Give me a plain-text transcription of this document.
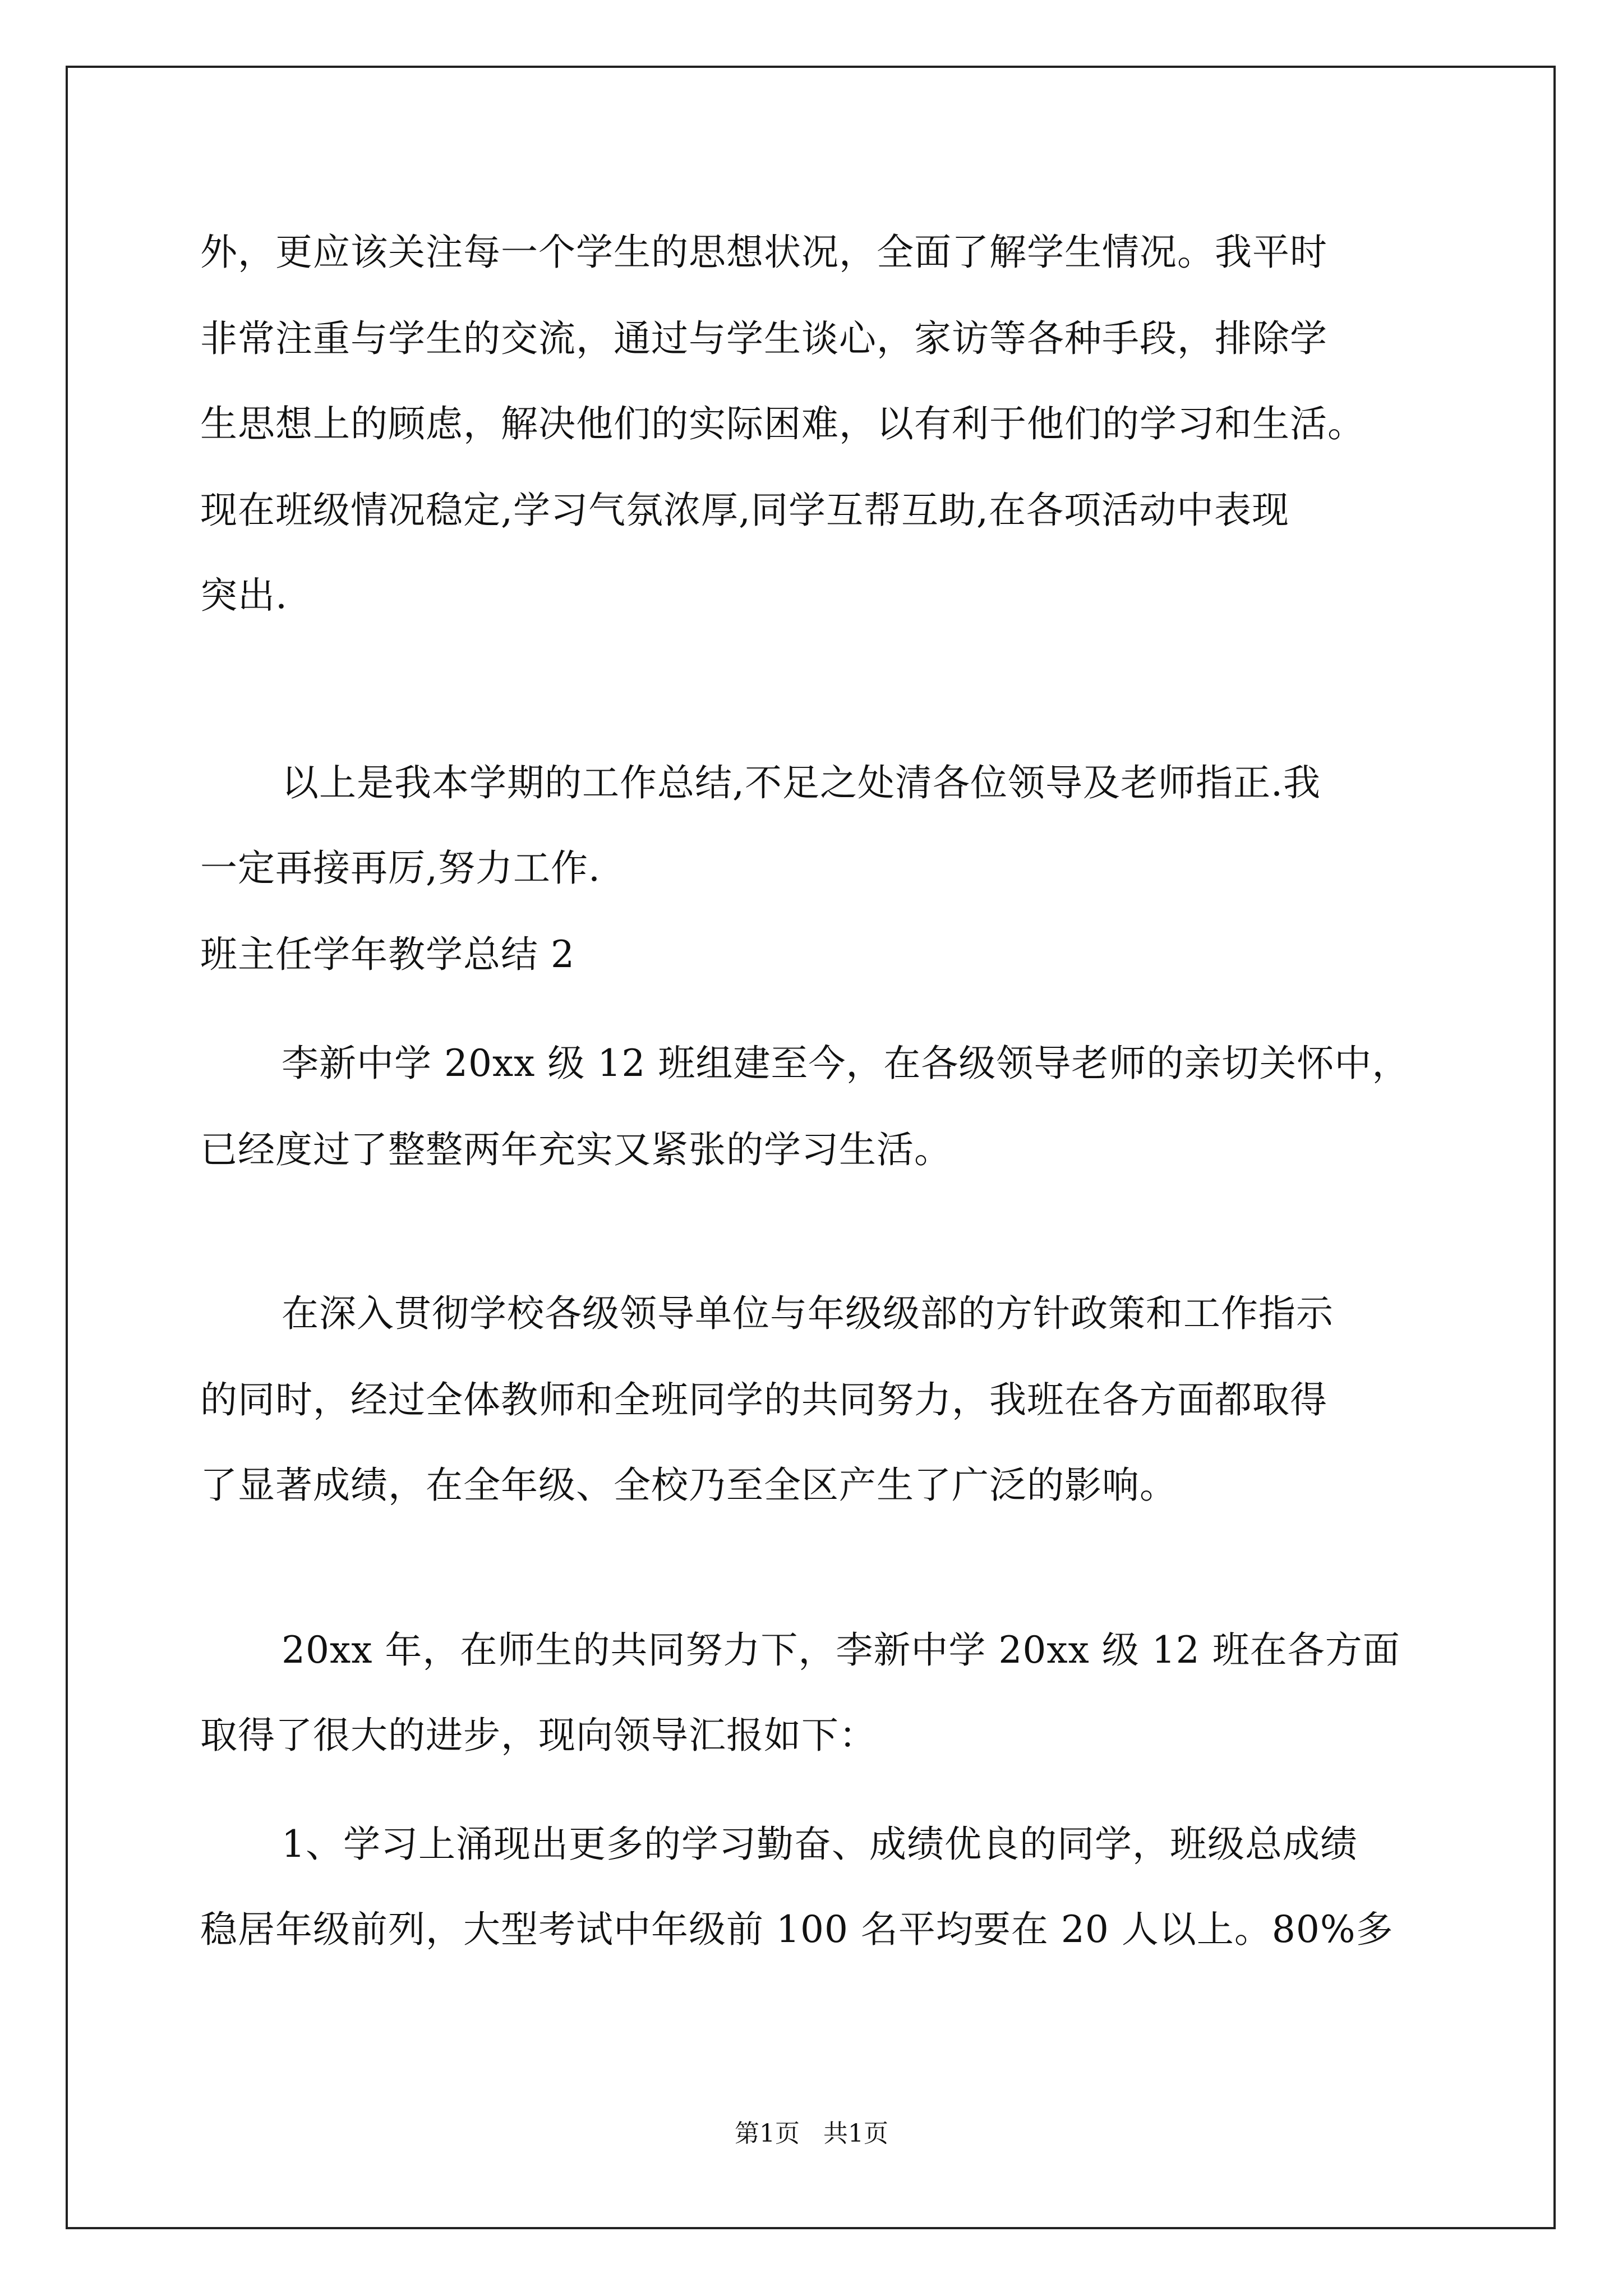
外，更应该关注每一个学生的思想状况，全面了解学生情况。我平时
非常注重与学生的交流，通过与学生谈心，家访等各种手段，排除学
生思想上的顾虑，解决他们的实际困难，以有利于他们的学习和生活。
现在班级情况稳定,学习气氛浓厚,同学互帮互助,在各项活动中表现
突出.
以上是我本学期的工作总结,不足之处清各位领导及老师指正.我
一定再接再厉,努力工作.
班主任学年教学总结 2
李新中学 20xx 级 12 班组建至今，在各级领导老师的亲切关怀中，
已经度过了整整两年充实又紧张的学习生活。
在深入贯彻学校各级领导单位与年级级部的方针政策和工作指示
的同时，经过全体教师和全班同学的共同努力，我班在各方面都取得
了显著成绩，在全年级、全校乃至全区产生了广泛的影响。
20xx 年，在师生的共同努力下，李新中学 20xx 级 12 班在各方面
取得了很大的进步，现向领导汇报如下：
1、学习上涌现出更多的学习勤奋、成绩优良的同学，班级总成绩
稳居年级前列，大型考试中年级前 100 名平均要在 20 人以上。80%多
第1页   共1页
